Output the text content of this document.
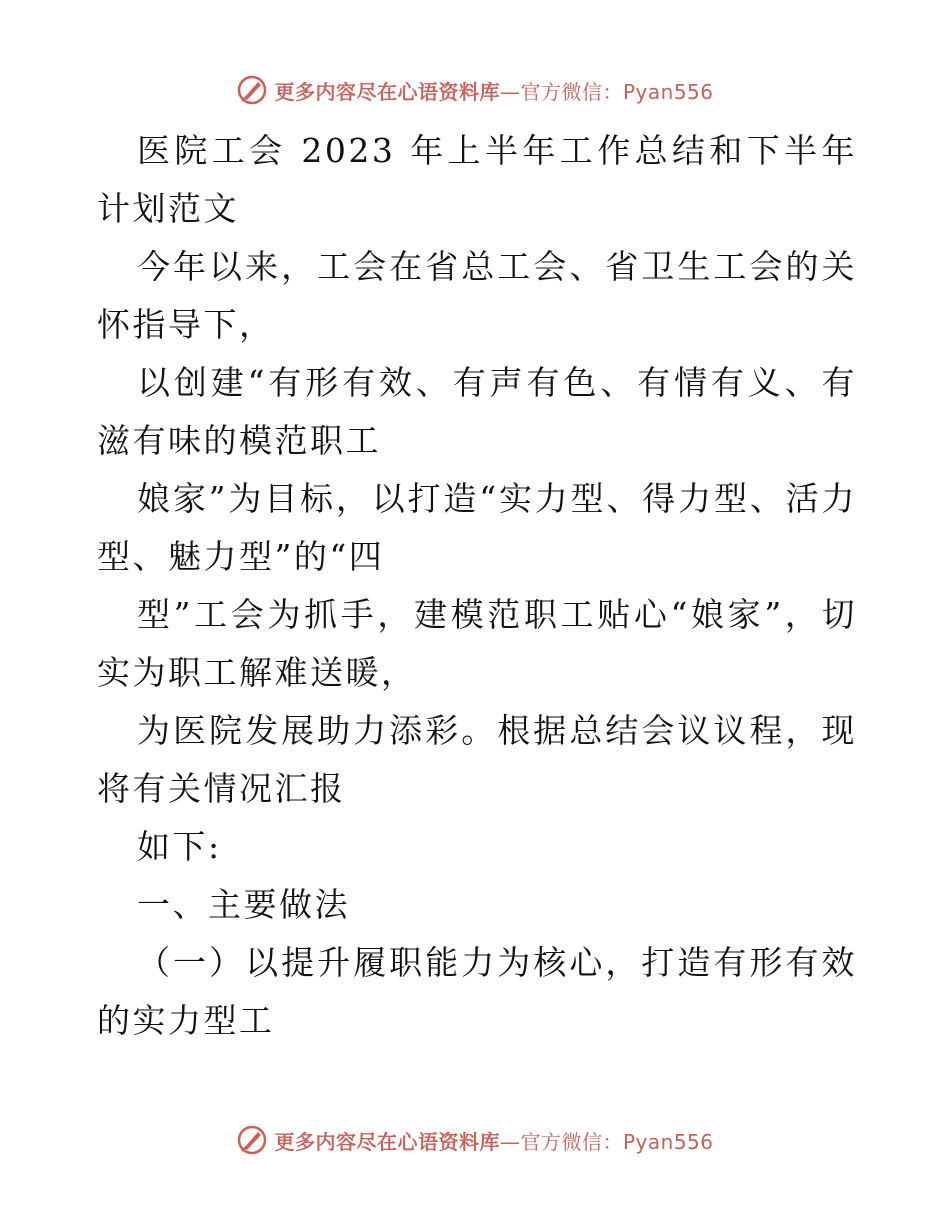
更多内容尽在心语资料库—官方微信：Pyan556

医院工会 2023 年上半年工作总结和下半年计划范文

今年以来，工会在省总工会、省卫生工会的关怀指导下，

以创建“有形有效、有声有色、有情有义、有滋有味的模范职工

娘家”为目标，以打造“实力型、得力型、活力型、魅力型”的“四

型”工会为抓手，建模范职工贴心“娘家”，切实为职工解难送暖，

为医院发展助力添彩。根据总结会议议程，现将有关情况汇报

如下:

一、主要做法

（一）以提升履职能力为核心，打造有形有效的实力型工

更多内容尽在心语资料库—官方微信：Pyan556
